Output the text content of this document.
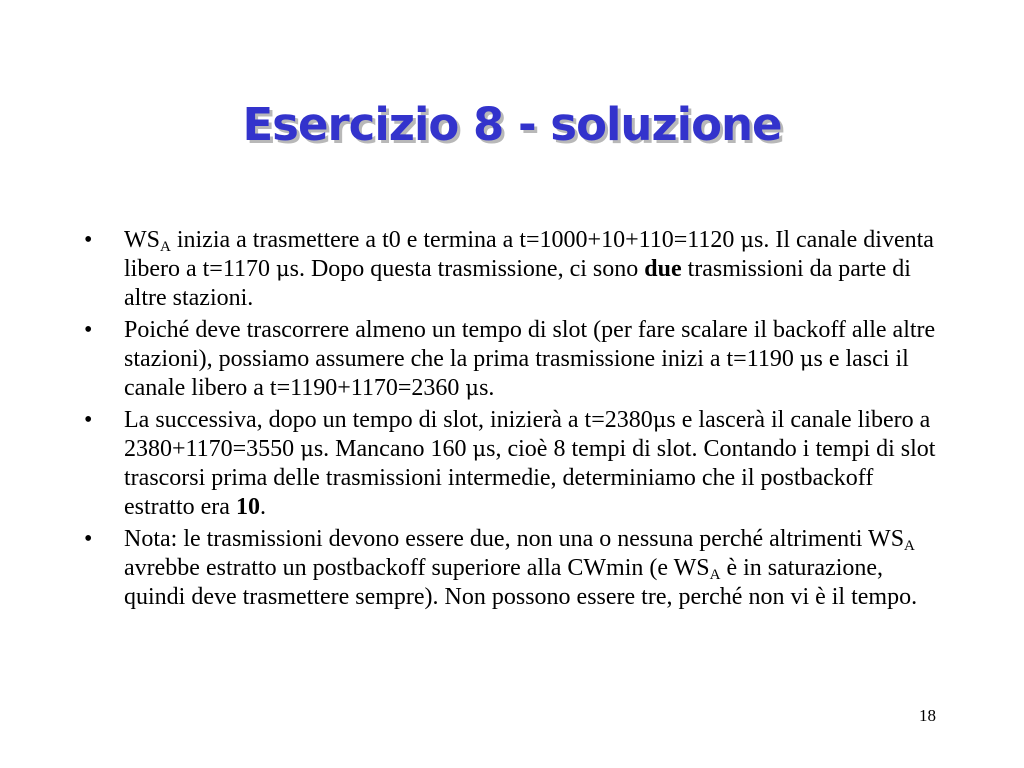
Esercizio 8 - soluzione
• $WS_A$ inizia a trasmettere a t0 e termina a t=1000+10+110=1120 μs. Il canale diventa libero a t=1170 μs. Dopo questa trasmissione, ci sono due trasmissioni da parte di altre stazioni.
• Poiché deve trascorrere almeno un tempo di slot (per fare scalare il backoff alle altre stazioni), possiamo assumere che la prima trasmissione inizi a t=1190 μs e lasci il canale libero a t=1190+1170=2360 μs.
• La successiva, dopo un tempo di slot, inizierà a t=2380μs e lascerà il canale libero a 2380+1170=3550 μs. Mancano 160 μs, cioè 8 tempi di slot. Contando i tempi di slot trascorsi prima delle trasmissioni intermedie, determiniamo che il postbackoff estratto era 10.
• Nota: le trasmissioni devono essere due, non una o nessuna perché altrimenti $WS_A$ avrebbe estratto un postbackoff superiore alla CWmin (e $WS_A$ è in saturazione, quindi deve trasmettere sempre). Non possono essere tre, perché non vi è il tempo.
18
